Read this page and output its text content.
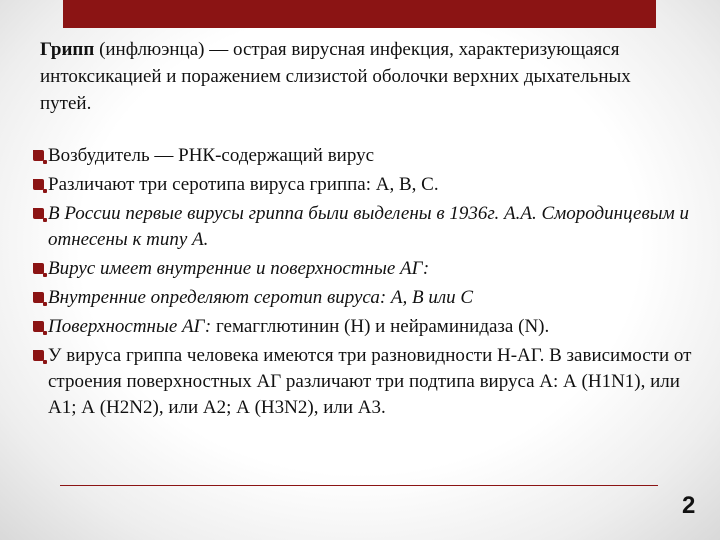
Грипп (инфлюэнца) — острая вирусная инфекция, характеризующаяся интоксикацией и поражением слизистой оболочки верхних дыхательных путей.
Возбудитель — РНК-содержащий вирус
Различают три серотипа вируса гриппа: А, В, С.
В России первые вирусы гриппа были выделены в 1936г. А.А. Смородинцевым и отнесены к типу А.
Вирус имеет внутренние и поверхностные АГ:
Внутренние определяют серотип вируса: А, В или С
Поверхностные АГ: гемагглютинин (Н) и нейраминидаза (N).
У вируса гриппа человека имеются три разновидности Н-АГ. В зависимости от строения поверхностных АГ различают три подтипа вируса А: А (Н1N1), или А1; А (Н2N2), или А2; А (Н3N2), или А3.
2
